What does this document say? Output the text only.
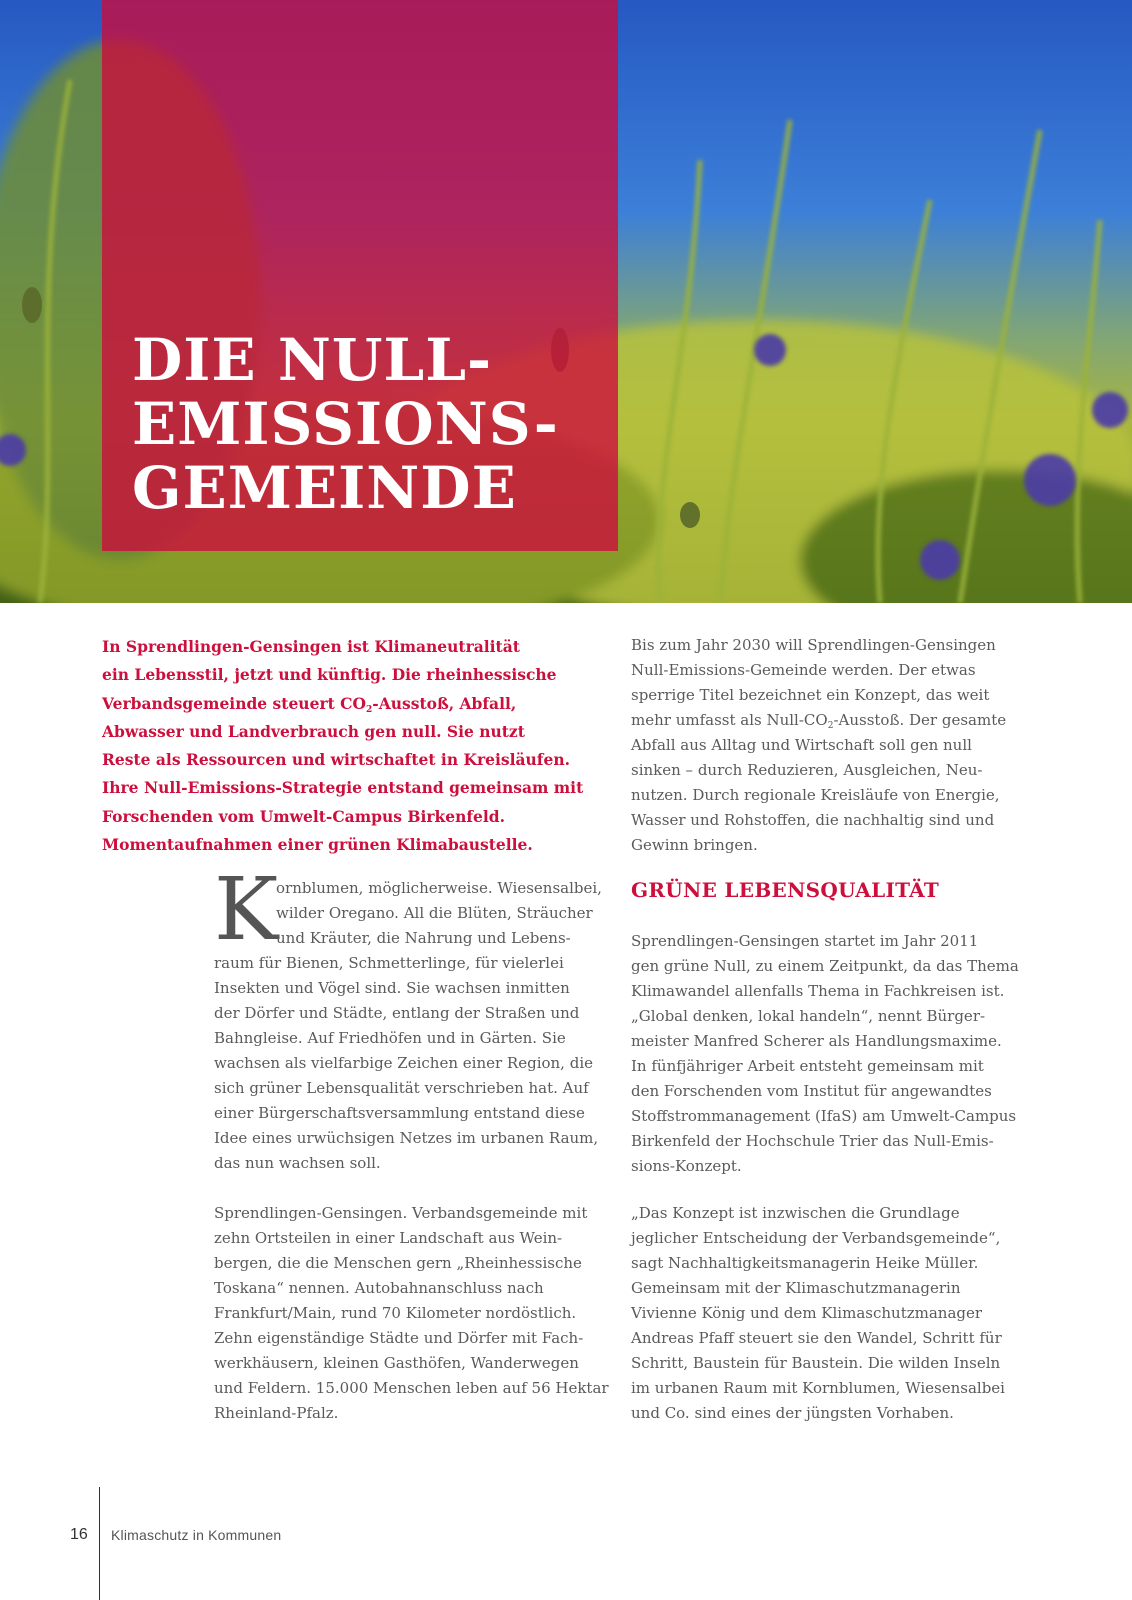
DIE NULL-
EMISSIONS-
GEMEINDE

In Sprendlingen-Gensingen ist Klimaneutralität
ein Lebensstil, jetzt und künftig. Die rheinhessische
Verbandsgemeinde steuert $CO_2$-Ausstoß, Abfall,
Abwasser und Landverbrauch gen null. Sie nutzt
Reste als Ressourcen und wirtschaftet in Kreisläufen.
Ihre Null-Emissions-Strategie entstand gemeinsam mit
Forschenden vom Umwelt-Campus Birkenfeld.
Momentaufnahmen einer grünen Klimabaustelle.

K

ornblumen, möglicherweise. Wiesensalbei,
wilder Oregano. All die Blüten, Sträucher
und Kräuter, die Nahrung und Lebens-
raum für Bienen, Schmetterlinge, für vielerlei
Insekten und Vögel sind. Sie wachsen inmitten
der Dörfer und Städte, entlang der Straßen und
Bahngleise. Auf Friedhöfen und in Gärten. Sie
wachsen als vielfarbige Zeichen einer Region, die
sich grüner Lebensqualität verschrieben hat. Auf
einer Bürgerschaftsversammlung entstand diese
Idee eines urwüchsigen Netzes im urbanen Raum,
das nun wachsen soll.

Sprendlingen-Gensingen. Verbandsgemeinde mit
zehn Ortsteilen in einer Landschaft aus Wein-
bergen, die die Menschen gern „Rheinhessische
Toskana“ nennen. Autobahnanschluss nach
Frankfurt/Main, rund 70 Kilometer nordöstlich.
Zehn eigenständige Städte und Dörfer mit Fach-
werkhäusern, kleinen Gasthöfen, Wanderwegen
und Feldern. 15.000 Menschen leben auf 56 Hektar
Rheinland-Pfalz.

Bis zum Jahr 2030 will Sprendlingen-Gensingen
Null-Emissions-Gemeinde werden. Der etwas
sperrige Titel bezeichnet ein Konzept, das weit
mehr umfasst als Null-$CO_2$-Ausstoß. Der gesamte
Abfall aus Alltag und Wirtschaft soll gen null
sinken – durch Reduzieren, Ausgleichen, Neu-
nutzen. Durch regionale Kreisläufe von Energie,
Wasser und Rohstoffen, die nachhaltig sind und
Gewinn bringen.

GRÜNE LEBENSQUALITÄT

Sprendlingen-Gensingen startet im Jahr 2011
gen grüne Null, zu einem Zeitpunkt, da das Thema
Klimawandel allenfalls Thema in Fachkreisen ist.
„Global denken, lokal handeln“, nennt Bürger-
meister Manfred Scherer als Handlungsmaxime.
In fünfjähriger Arbeit entsteht gemeinsam mit
den Forschenden vom Institut für angewandtes
Stoffstrommanagement (IfaS) am Umwelt-Campus
Birkenfeld der Hochschule Trier das Null-Emis-
sions-Konzept.

„Das Konzept ist inzwischen die Grundlage
jeglicher Entscheidung der Verbandsgemeinde“,
sagt Nachhaltigkeitsmanagerin Heike Müller.
Gemeinsam mit der Klimaschutzmanagerin
Vivienne König und dem Klimaschutzmanager
Andreas Pfaff steuert sie den Wandel, Schritt für
Schritt, Baustein für Baustein. Die wilden Inseln
im urbanen Raum mit Kornblumen, Wiesensalbei
und Co. sind eines der jüngsten Vorhaben.

16 Klimaschutz in Kommunen
